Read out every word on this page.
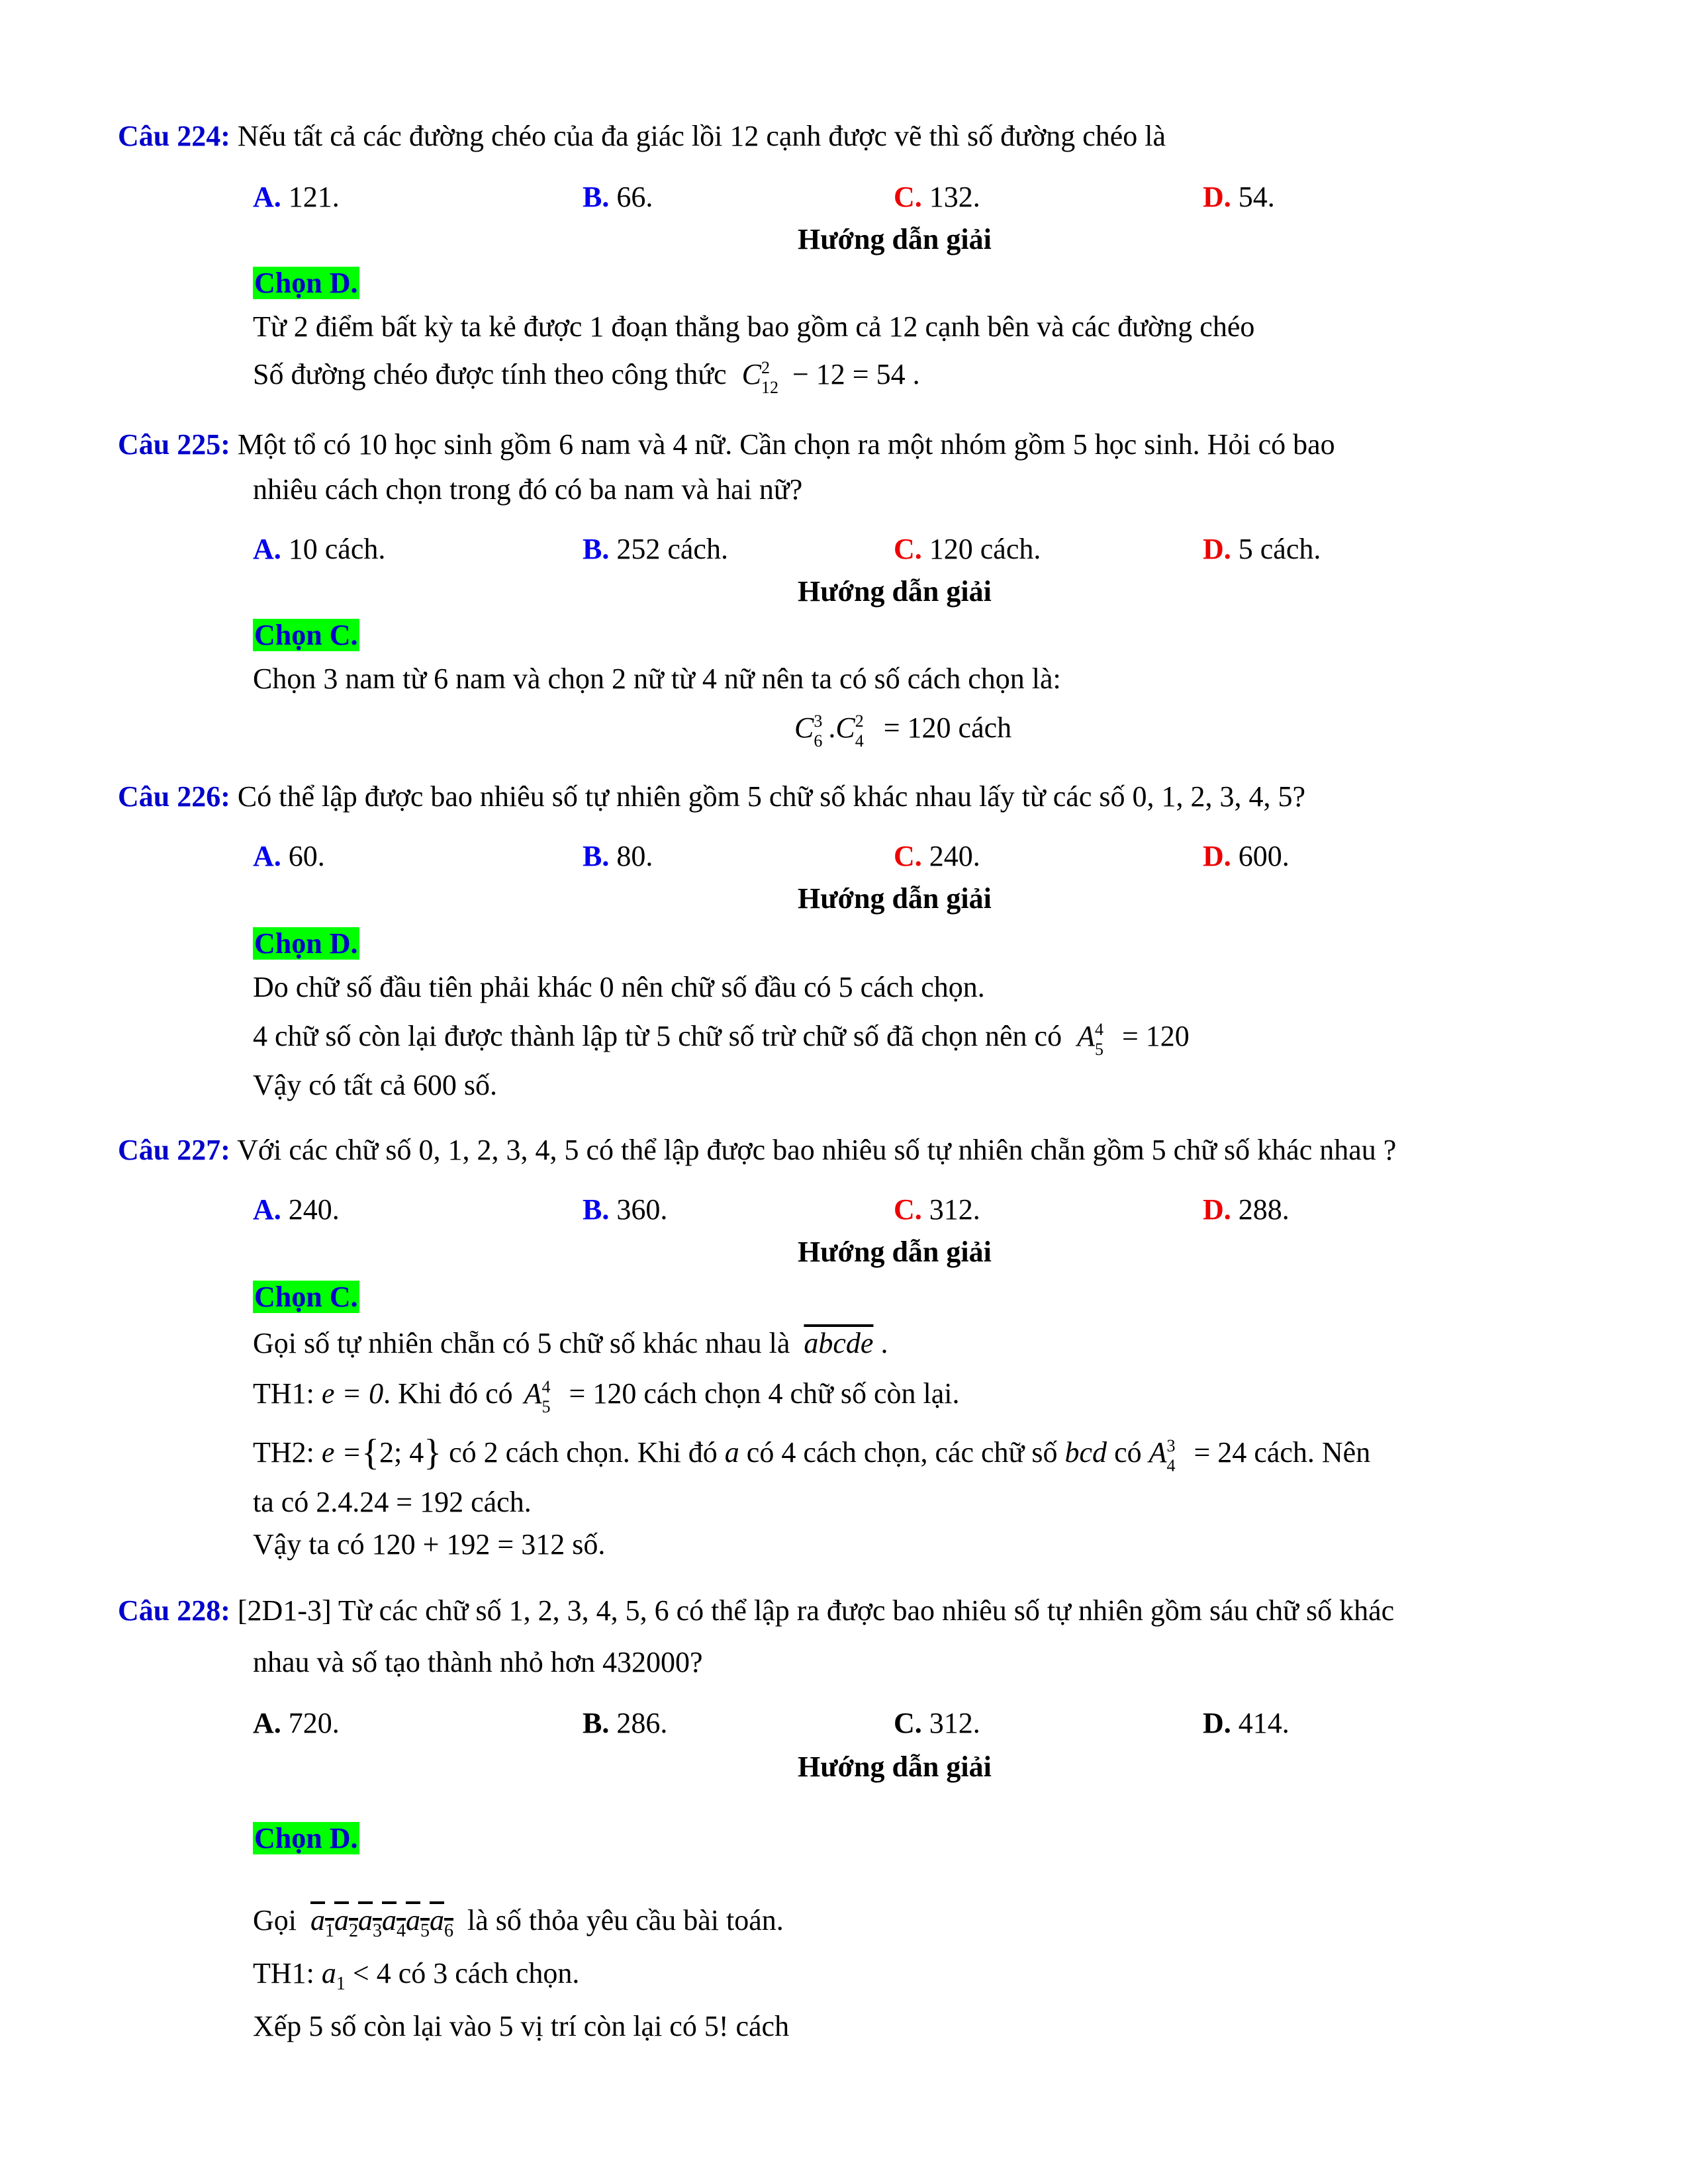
Câu 224: Nếu tất cả các đường chéo của đa giác lồi 12 cạnh được vẽ thì số đường chéo là
A. 121.	B. 66.	C. 132.	D. 54.
Hướng dẫn giải
Chọn D.
Từ 2 điểm bất kỳ ta kẻ được 1 đoạn thẳng bao gồm cả 12 cạnh bên và các đường chéo
Số đường chéo được tính theo công thức C 2
12 − 12 = 54 .
Câu 225: Một tổ có 10 học sinh gồm 6 nam và 4 nữ. Cần chọn ra một nhóm gồm 5 học sinh. Hỏi có bao
nhiêu cách chọn trong đó có ba nam và hai nữ?
A. 10 cách.	B. 252 cách.	C. 120 cách.	D. 5 cách.
Hướng dẫn giải
Chọn C.
Chọn 3 nam từ 6 nam và chọn 2 nữ từ 4 nữ nên ta có số cách chọn là:
C 3
6 .C 2
4 = 120 cách
Câu 226: Có thể lập được bao nhiêu số tự nhiên gồm 5 chữ số khác nhau lấy từ các số 0, 1, 2, 3, 4, 5?
A. 60.	B. 80.	C. 240.	D. 600.
Hướng dẫn giải
Chọn D.
Do chữ số đầu tiên phải khác 0 nên chữ số đầu có 5 cách chọn.
4 chữ số còn lại được thành lập từ 5 chữ số trừ chữ số đã chọn nên có A 4
5 = 120
Vậy có tất cả 600 số.
Câu 227: Với các chữ số 0, 1, 2, 3, 4, 5 có thể lập được bao nhiêu số tự nhiên chẵn gồm 5 chữ số khác nhau ?
A. 240.	B. 360.	C. 312.	D. 288.
Hướng dẫn giải
Chọn C.
Gọi số tự nhiên chẵn có 5 chữ số khác nhau là abcde .
TH1: e = 0. Khi đó có A 4
5 = 120 cách chọn 4 chữ số còn lại.
TH2: e ={2; 4} có 2 cách chọn. Khi đó a có 4 cách chọn, các chữ số bcd có A 3
4 = 24 cách. Nên
ta có 2.4.24 = 192 cách.
Vậy ta có 120 + 192 = 312 số.
Câu 228: [2D1-3] Từ các chữ số 1, 2, 3, 4, 5, 6 có thể lập ra được bao nhiêu số tự nhiên gồm sáu chữ số khác
nhau và số tạo thành nhỏ hơn 432000?
A. 720.	B. 286.	C. 312.	D. 414.
Hướng dẫn giải
Chọn D.
Gọi $a_1a_2a_3a_4a_5a_6$ là số thỏa yêu cầu bài toán.
TH1: $a_1 < 4$ có 3 cách chọn.
Xếp 5 số còn lại vào 5 vị trí còn lại có 5! cách
